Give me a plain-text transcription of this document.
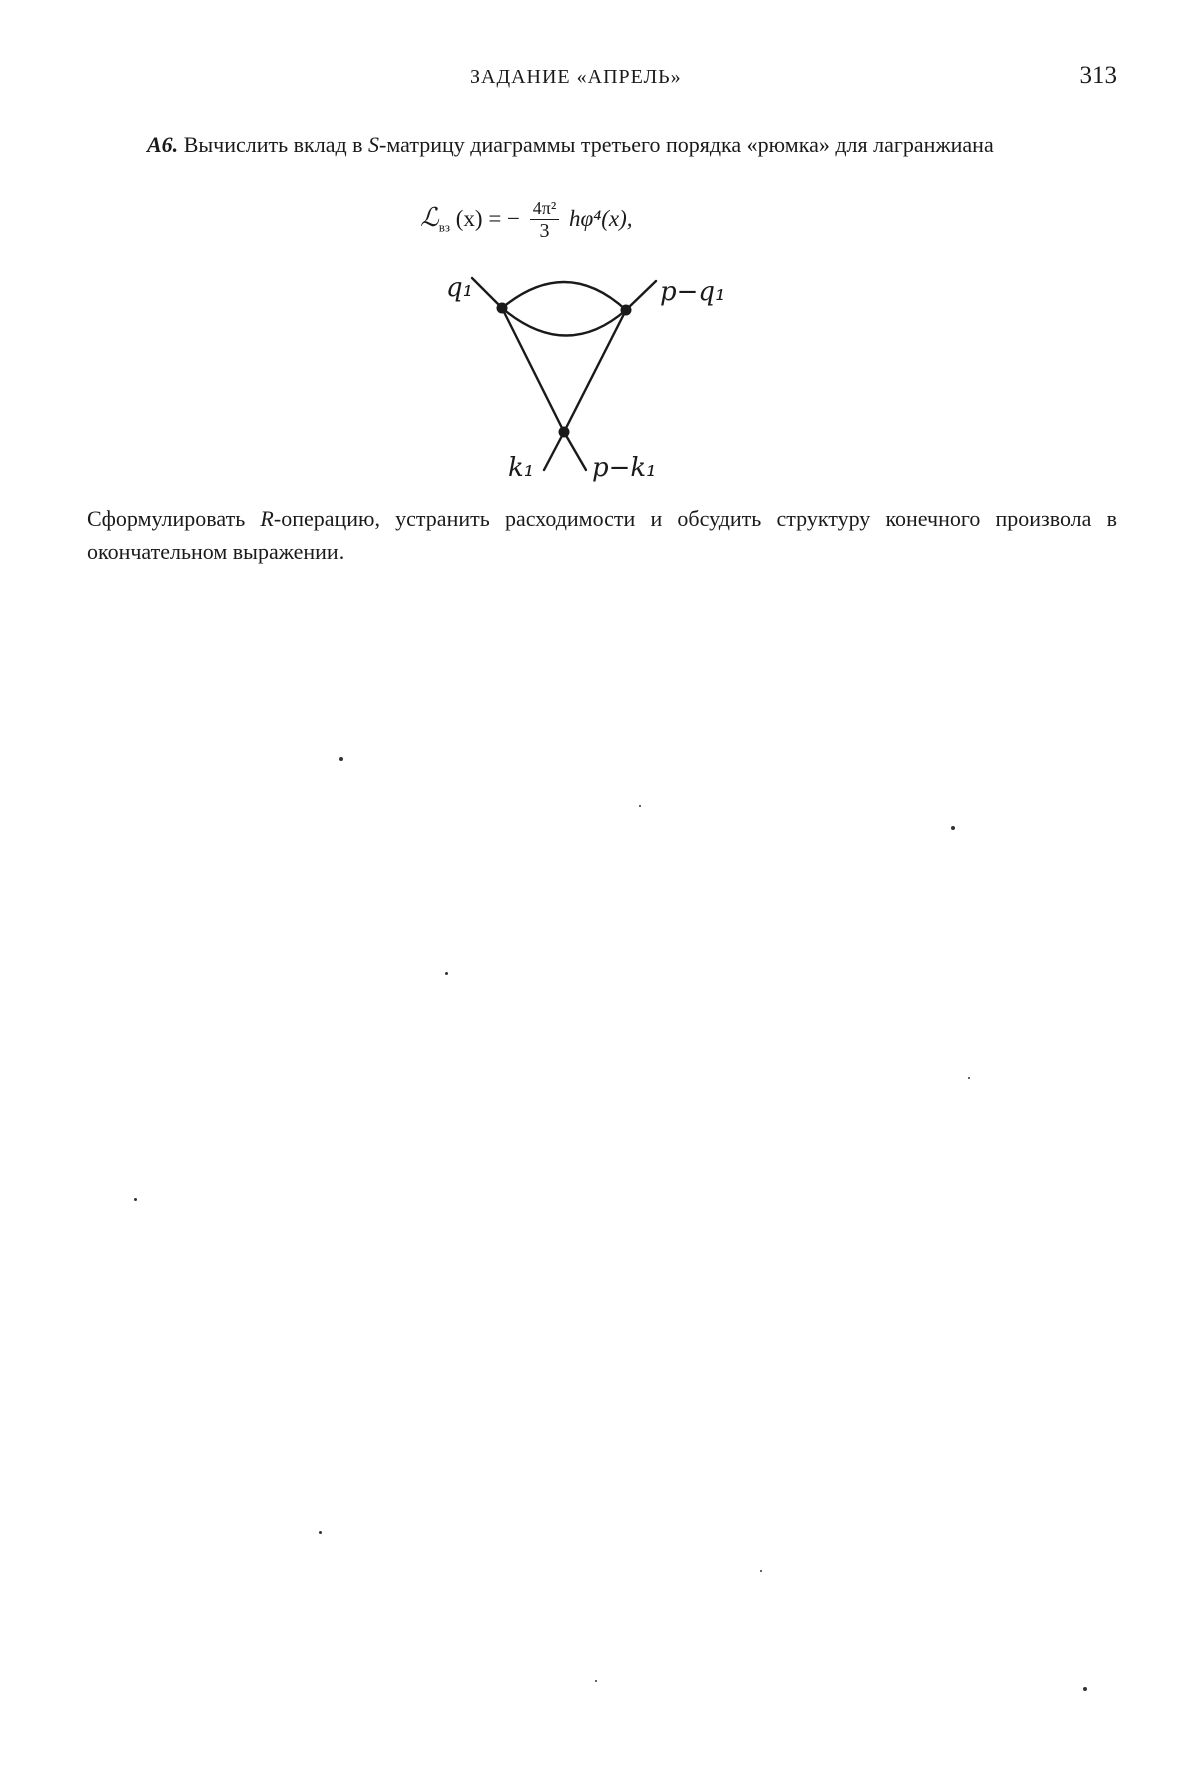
ЗАДАНИЕ «АПРЕЛЬ»	313
А6. Вычислить вклад в S-матрицу диаграммы третьего порядка «рюмка» для лагранжиана
ℒ$_{вз}$ (x) = − $\frac{\text{4π²}}{3} h\varphi^4(x)$,
q₁	p−q₁
k₁ p−k₁
Сформулировать R-операцию, устранить расходимости и обсудить структуру конечного произвола в окончательном выражении.
